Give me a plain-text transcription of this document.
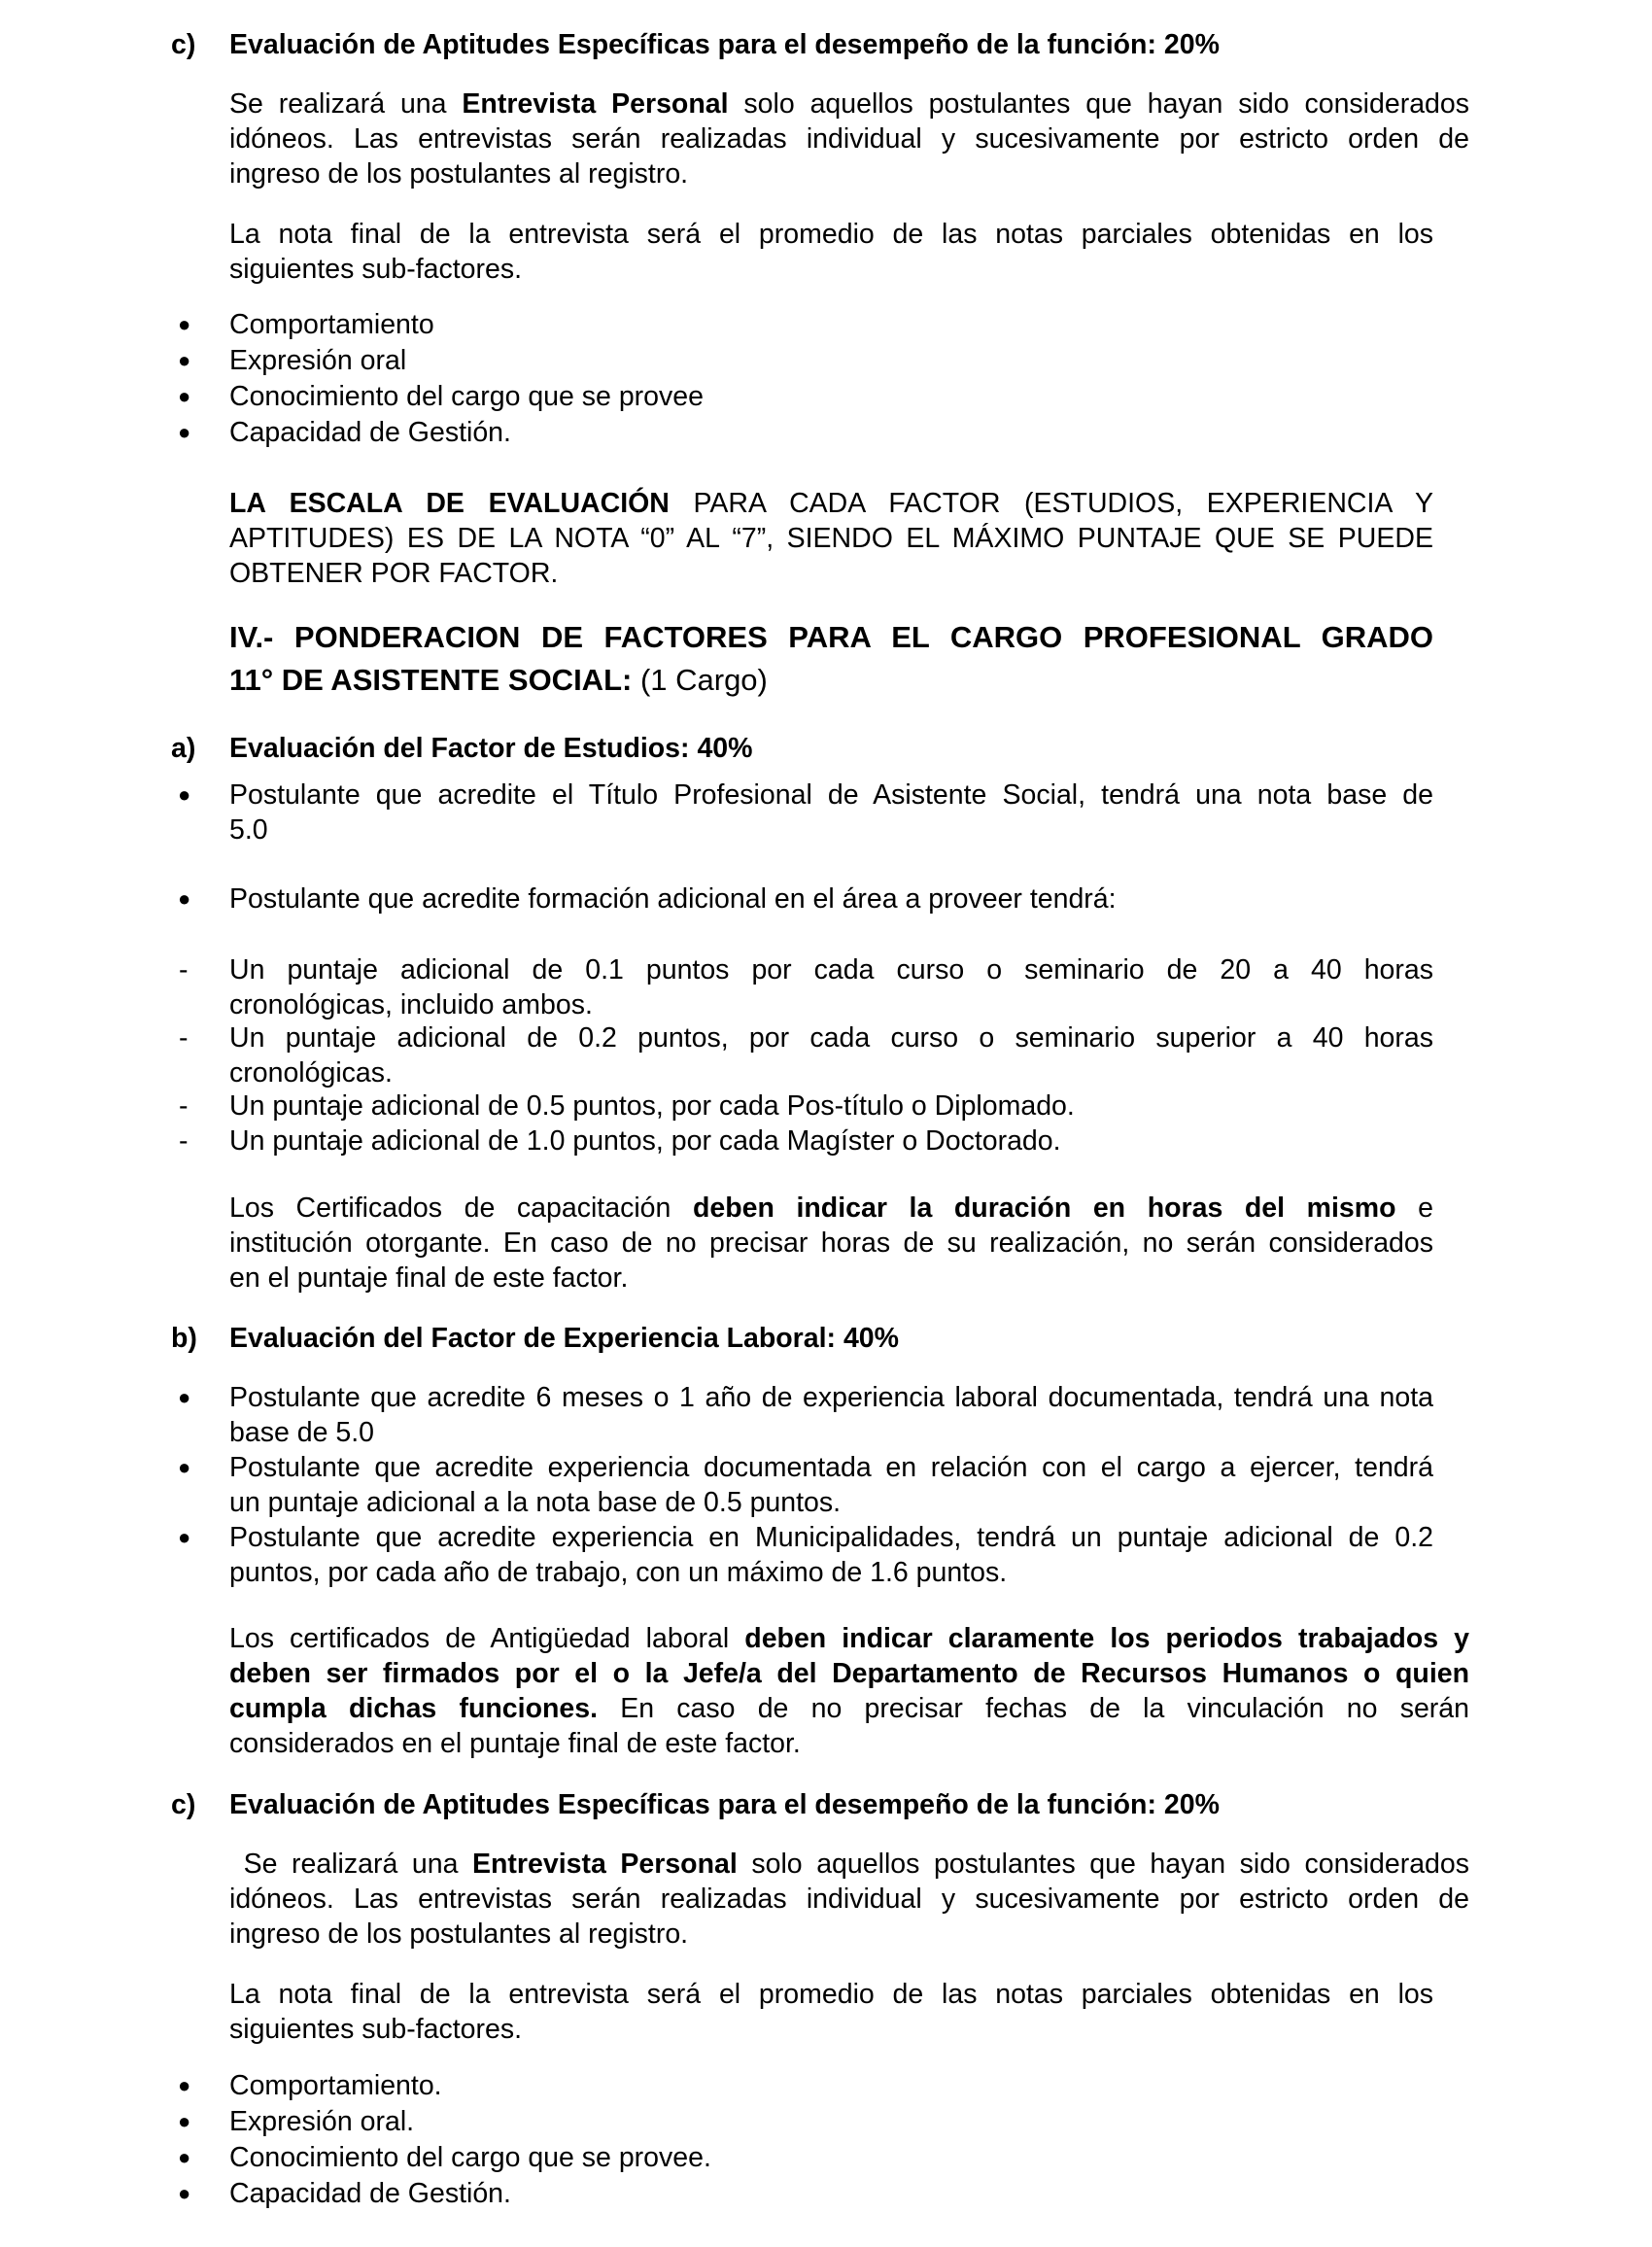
c) Evaluación de Aptitudes Específicas para el desempeño de la función: 20%
Se realizará una Entrevista Personal solo aquellos postulantes que hayan sido considerados
idóneos. Las entrevistas serán realizadas individual y sucesivamente por estricto orden de
ingreso de los postulantes al registro.
La nota final de la entrevista será el promedio de las notas parciales obtenidas en los
siguientes sub-factores.
● Comportamiento
● Expresión oral
● Conocimiento del cargo que se provee
● Capacidad de Gestión.
LA ESCALA DE EVALUACIÓN PARA CADA FACTOR (ESTUDIOS, EXPERIENCIA Y
APTITUDES) ES DE LA NOTA “0” AL “7”, SIENDO EL MÁXIMO PUNTAJE QUE SE PUEDE
OBTENER POR FACTOR.
IV.- PONDERACION DE FACTORES PARA EL CARGO PROFESIONAL GRADO
11° DE ASISTENTE SOCIAL: (1 Cargo)
a) Evaluación del Factor de Estudios: 40%
● Postulante que acredite el Título Profesional de Asistente Social, tendrá una nota base de
5.0
● Postulante que acredite formación adicional en el área a proveer tendrá:
- Un puntaje adicional de 0.1 puntos por cada curso o seminario de 20 a 40 horas
cronológicas, incluido ambos.
- Un puntaje adicional de 0.2 puntos, por cada curso o seminario superior a 40 horas
cronológicas.
- Un puntaje adicional de 0.5 puntos, por cada Pos-título o Diplomado.
- Un puntaje adicional de 1.0 puntos, por cada Magíster o Doctorado.
Los Certificados de capacitación deben indicar la duración en horas del mismo e
institución otorgante. En caso de no precisar horas de su realización, no serán considerados
en el puntaje final de este factor.
b) Evaluación del Factor de Experiencia Laboral: 40%
● Postulante que acredite 6 meses o 1 año de experiencia laboral documentada, tendrá una nota
base de 5.0
● Postulante que acredite experiencia documentada en relación con el cargo a ejercer, tendrá
un puntaje adicional a la nota base de 0.5 puntos.
● Postulante que acredite experiencia en Municipalidades, tendrá un puntaje adicional de 0.2
puntos, por cada año de trabajo, con un máximo de 1.6 puntos.
Los certificados de Antigüedad laboral deben indicar claramente los periodos trabajados y
deben ser firmados por el o la Jefe/a del Departamento de Recursos Humanos o quien
cumpla dichas funciones. En caso de no precisar fechas de la vinculación no serán
considerados en el puntaje final de este factor.
c) Evaluación de Aptitudes Específicas para el desempeño de la función: 20%
Se realizará una Entrevista Personal solo aquellos postulantes que hayan sido considerados
idóneos. Las entrevistas serán realizadas individual y sucesivamente por estricto orden de
ingreso de los postulantes al registro.
La nota final de la entrevista será el promedio de las notas parciales obtenidas en los
siguientes sub-factores.
● Comportamiento.
● Expresión oral.
● Conocimiento del cargo que se provee.
● Capacidad de Gestión.
